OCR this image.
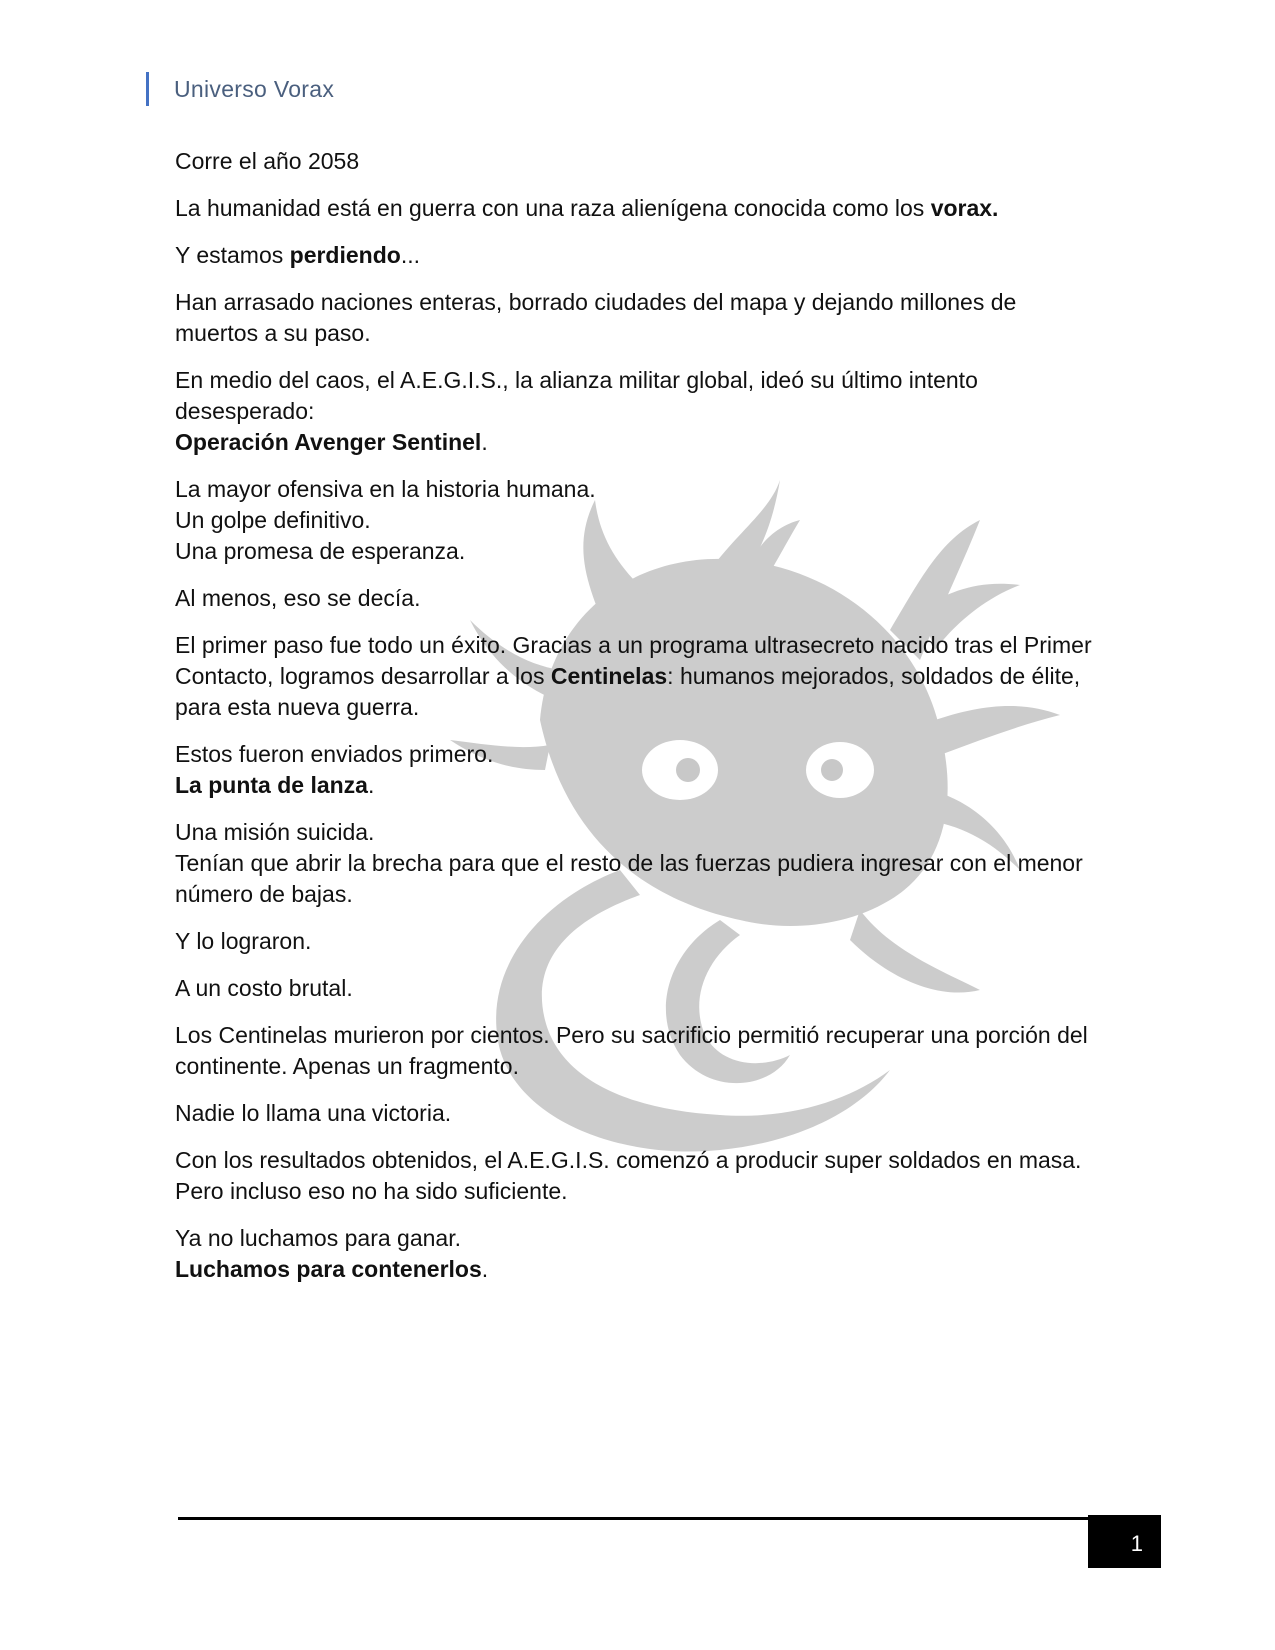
Universo Vorax
Corre el año 2058
La humanidad está en guerra con una raza alienígena conocida como los vorax.
Y estamos perdiendo...
Han arrasado naciones enteras, borrado ciudades del mapa y dejando millones de muertos a su paso.
En medio del caos, el A.E.G.I.S., la alianza militar global, ideó su último intento desesperado:
Operación Avenger Sentinel.
La mayor ofensiva en la historia humana.
Un golpe definitivo.
Una promesa de esperanza.
Al menos, eso se decía.
El primer paso fue todo un éxito. Gracias a un programa ultrasecreto nacido tras el Primer Contacto, logramos desarrollar a los Centinelas: humanos mejorados, soldados de élite, para esta nueva guerra.
Estos fueron enviados primero.
La punta de lanza.
Una misión suicida.
Tenían que abrir la brecha para que el resto de las fuerzas pudiera ingresar con el menor número de bajas.
Y lo lograron.
A un costo brutal.
Los Centinelas murieron por cientos. Pero su sacrificio permitió recuperar una porción del continente. Apenas un fragmento.
Nadie lo llama una victoria.
Con los resultados obtenidos, el A.E.G.I.S. comenzó a producir super soldados en masa. Pero incluso eso no ha sido suficiente.
Ya no luchamos para ganar.
Luchamos para contenerlos.
1
